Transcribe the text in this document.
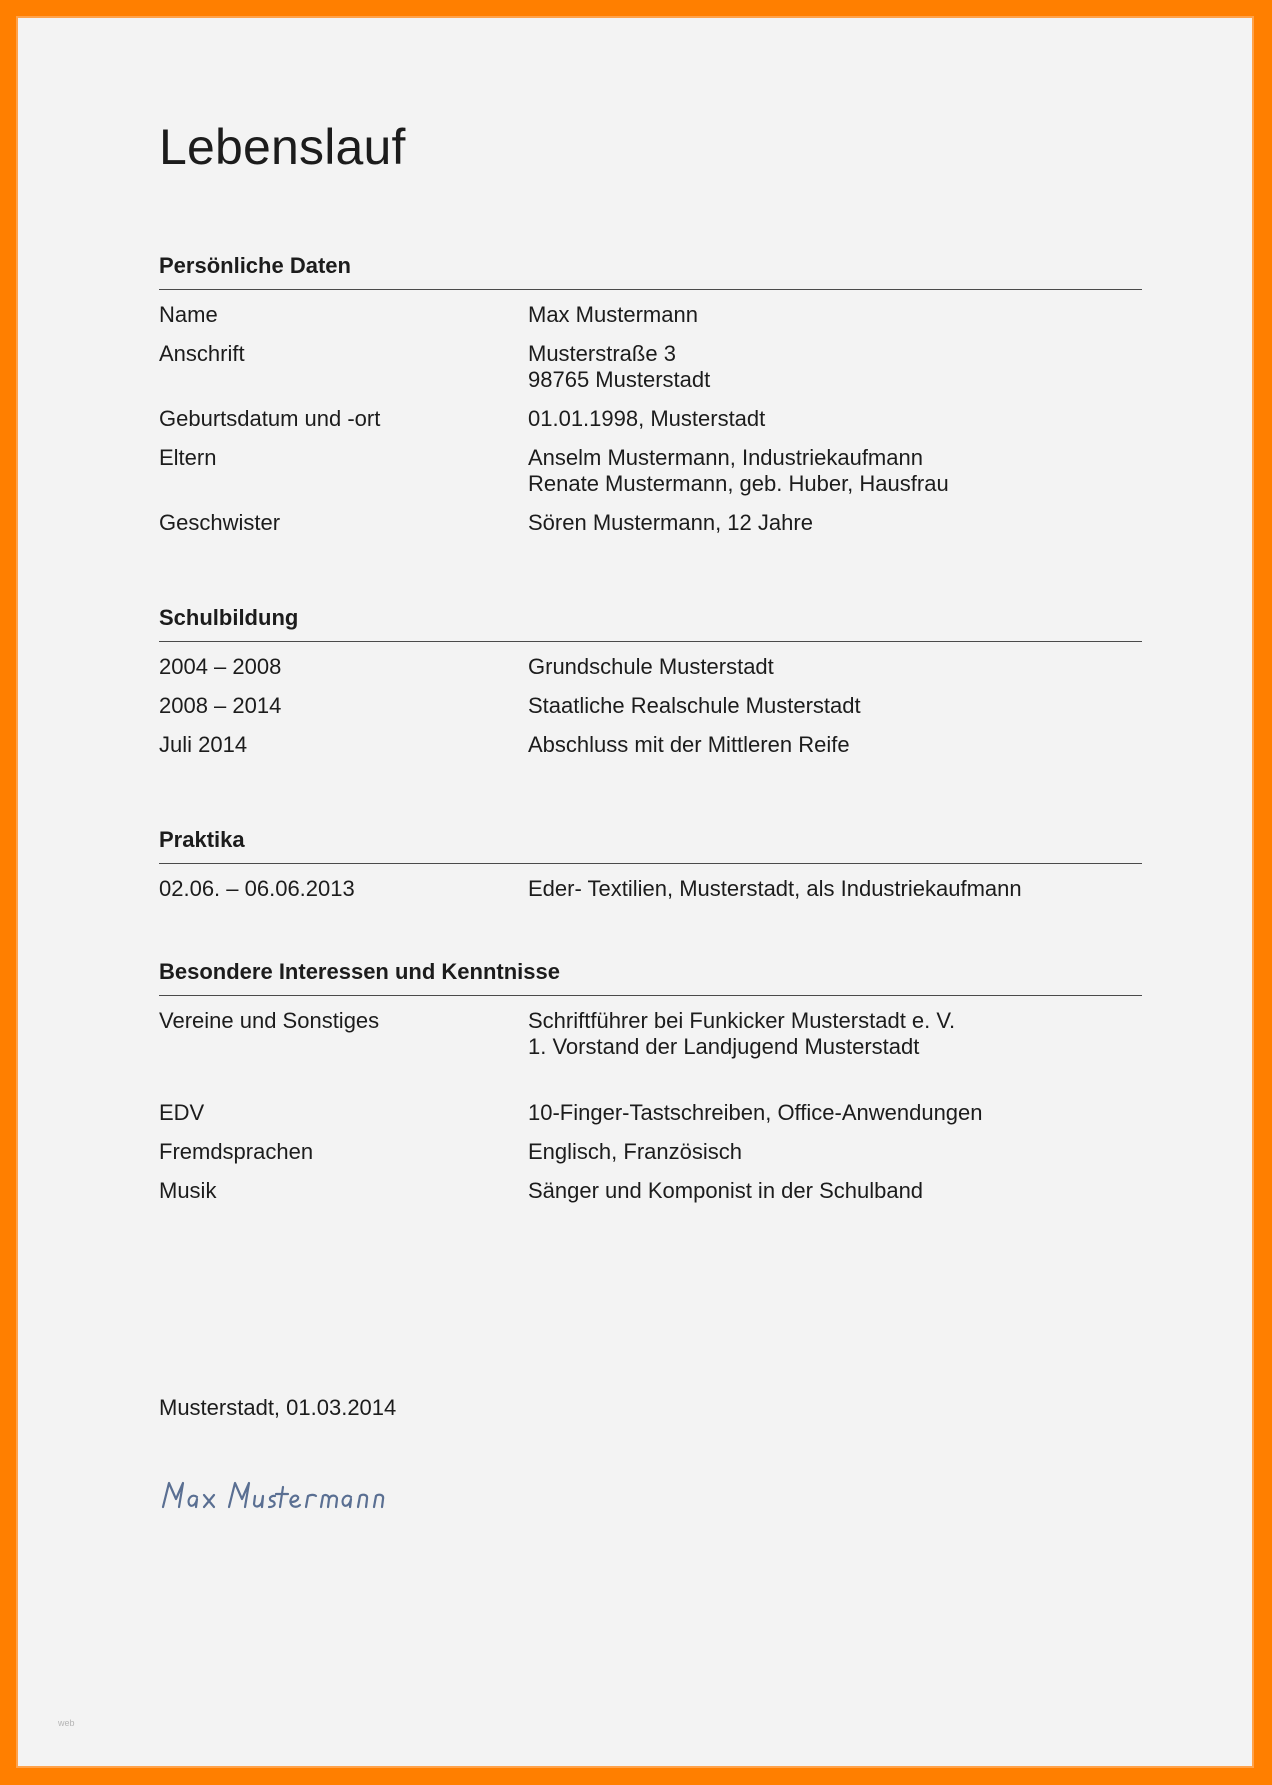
Lebenslauf
Persönliche Daten
Name	Max Mustermann
Anschrift	Musterstraße 3
98765 Musterstadt
Geburtsdatum und -ort	01.01.1998, Musterstadt
Eltern	Anselm Mustermann, Industriekaufmann
Renate Mustermann, geb. Huber, Hausfrau
Geschwister	Sören Mustermann, 12 Jahre
Schulbildung
2004 – 2008	Grundschule Musterstadt
2008 – 2014	Staatliche Realschule Musterstadt
Juli 2014	Abschluss mit der Mittleren Reife
Praktika
02.06. – 06.06.2013	Eder- Textilien, Musterstadt, als Industriekaufmann
Besondere Interessen und Kenntnisse
Vereine und Sonstiges	Schriftführer bei Funkicker Musterstadt e. V.
1. Vorstand der Landjugend Musterstadt
EDV	10-Finger-Tastschreiben, Office-Anwendungen
Fremdsprachen	Englisch, Französisch
Musik	Sänger und Komponist in der Schulband
Musterstadt, 01.03.2014
web
